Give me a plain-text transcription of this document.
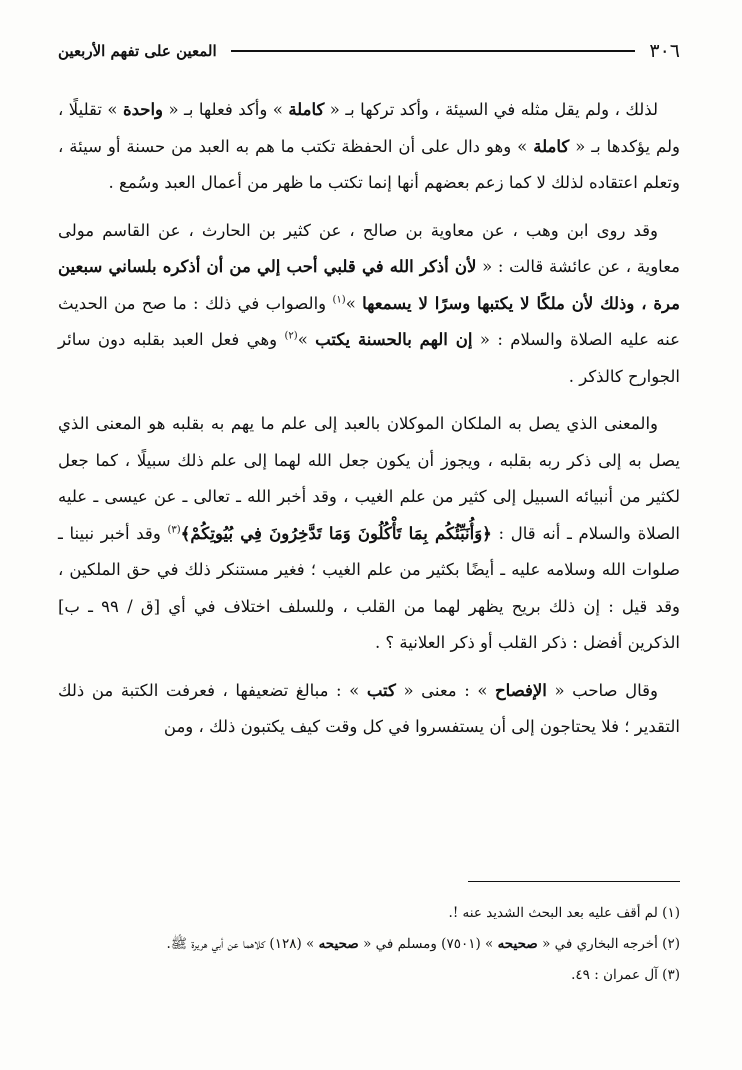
٣٠٦
المعين على تفهم الأربعين

لذلك ، ولم يقل مثله في السيئة ، وأكد تركها بـ « كاملة » وأكد فعلها بـ « واحدة » تقليلًا ، ولم يؤكدها بـ « كاملة » وهو دال على أن الحفظة تكتب ما هم به العبد من حسنة أو سيئة ، وتعلم اعتقاده لذلك لا كما زعم بعضهم أنها إنما تكتب ما ظهر من أعمال العبد وسُمع .

وقد روى ابن وهب ، عن معاوية بن صالح ، عن كثير بن الحارث ، عن القاسم مولى معاوية ، عن عائشة قالت : « لأن أذكر الله في قلبي أحب إلي من أن أذكره بلساني سبعين مرة ، وذلك لأن ملكًا لا يكتبها وسرًا لا يسمعها »$^{(١)}$ والصواب في ذلك : ما صح من الحديث عنه عليه الصلاة والسلام : « إن الهم بالحسنة يكتب »$^{(٢)}$ وهي فعل العبد بقلبه دون سائر الجوارح كالذكر .

والمعنى الذي يصل به الملكان الموكلان بالعبد إلى علم ما يهم به بقلبه هو المعنى الذي يصل به إلى ذكر ربه بقلبه ، ويجوز أن يكون جعل الله لهما إلى علم ذلك سبيلًا ، كما جعل لكثير من أنبيائه السبيل إلى كثير من علم الغيب ، وقد أخبر الله ـ تعالى ـ عن عيسى ـ عليه الصلاة والسلام ـ أنه قال : ﴿وَأُنَبِّئُكُم بِمَا تَأْكُلُونَ وَمَا تَدَّخِرُونَ فِي بُيُوتِكُمْ﴾$^{(٣)}$ وقد أخبر نبينا ـ صلوات الله وسلامه عليه ـ أيضًا بكثير من علم الغيب ؛ فغير مستنكر ذلك في حق الملكين ، وقد قيل : إن ذلك بريح يظهر لهما من القلب ، وللسلف اختلاف في أي [ق / ٩٩ ـ ب] الذكرين أفضل : ذكر القلب أو ذكر العلانية ؟ .

وقال صاحب « الإفصاح » : معنى « كتب » : مبالغ تضعيفها ، فعرفت الكتبة من ذلك التقدير ؛ فلا يحتاجون إلى أن يستفسروا في كل وقت كيف يكتبون ذلك ، ومن

(١) لم أقف عليه بعد البحث الشديد عنه !.

(٢) أخرجه البخاري في « صحيحه » (٧٥٠١) ومسلم في « صحيحه » (١٢٨) كلاهما عن أبي هريرة ﷺ.

(٣) آل عمران : ٤٩.
